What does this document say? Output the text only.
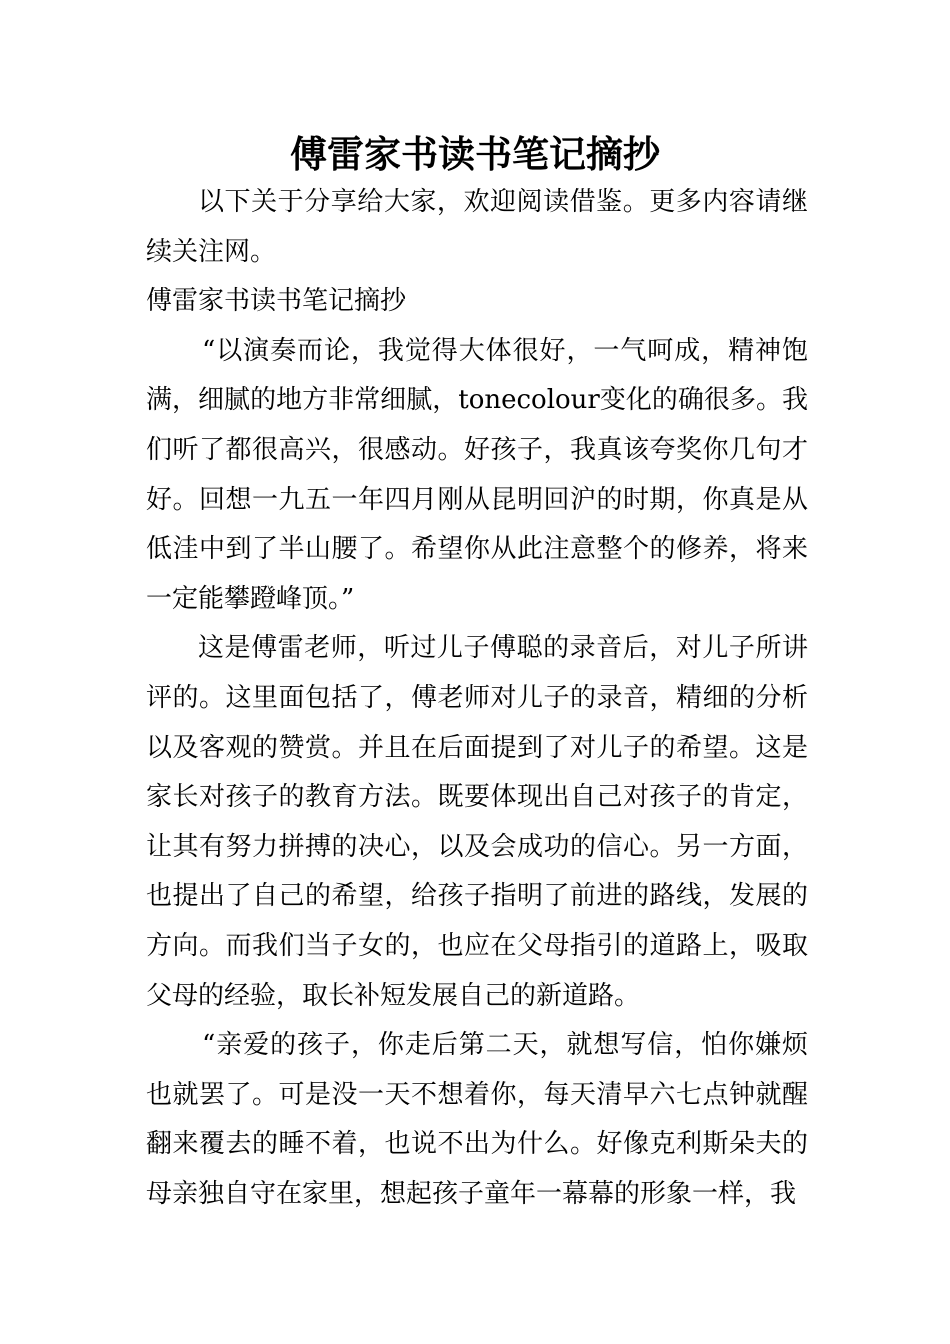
傅雷家书读书笔记摘抄

以下关于分享给大家，欢迎阅读借鉴。更多内容请继续关注网。

傅雷家书读书笔记摘抄

“以演奏而论，我觉得大体很好，一气呵成，精神饱满，细腻的地方非常细腻，tonecolour变化的确很多。我们听了都很高兴，很感动。好孩子，我真该夸奖你几句才好。回想一九五一年四月刚从昆明回沪的时期，你真是从低洼中到了半山腰了。希望你从此注意整个的修养，将来一定能攀蹬峰顶。”

这是傅雷老师，听过儿子傅聪的录音后，对儿子所讲评的。这里面包括了，傅老师对儿子的录音，精细的分析以及客观的赞赏。并且在后面提到了对儿子的希望。这是家长对孩子的教育方法。既要体现出自己对孩子的肯定，让其有努力拼搏的决心，以及会成功的信心。另一方面，也提出了自己的希望，给孩子指明了前进的路线，发展的方向。而我们当子女的，也应在父母指引的道路上，吸取父母的经验，取长补短发展自己的新道路。

“亲爱的孩子，你走后第二天，就想写信，怕你嫌烦也就罢了。可是没一天不想着你，每天清早六七点钟就醒翻来覆去的睡不着，也说不出为什么。好像克利斯朵夫的母亲独自守在家里，想起孩子童年一幕幕的形象一样，我
